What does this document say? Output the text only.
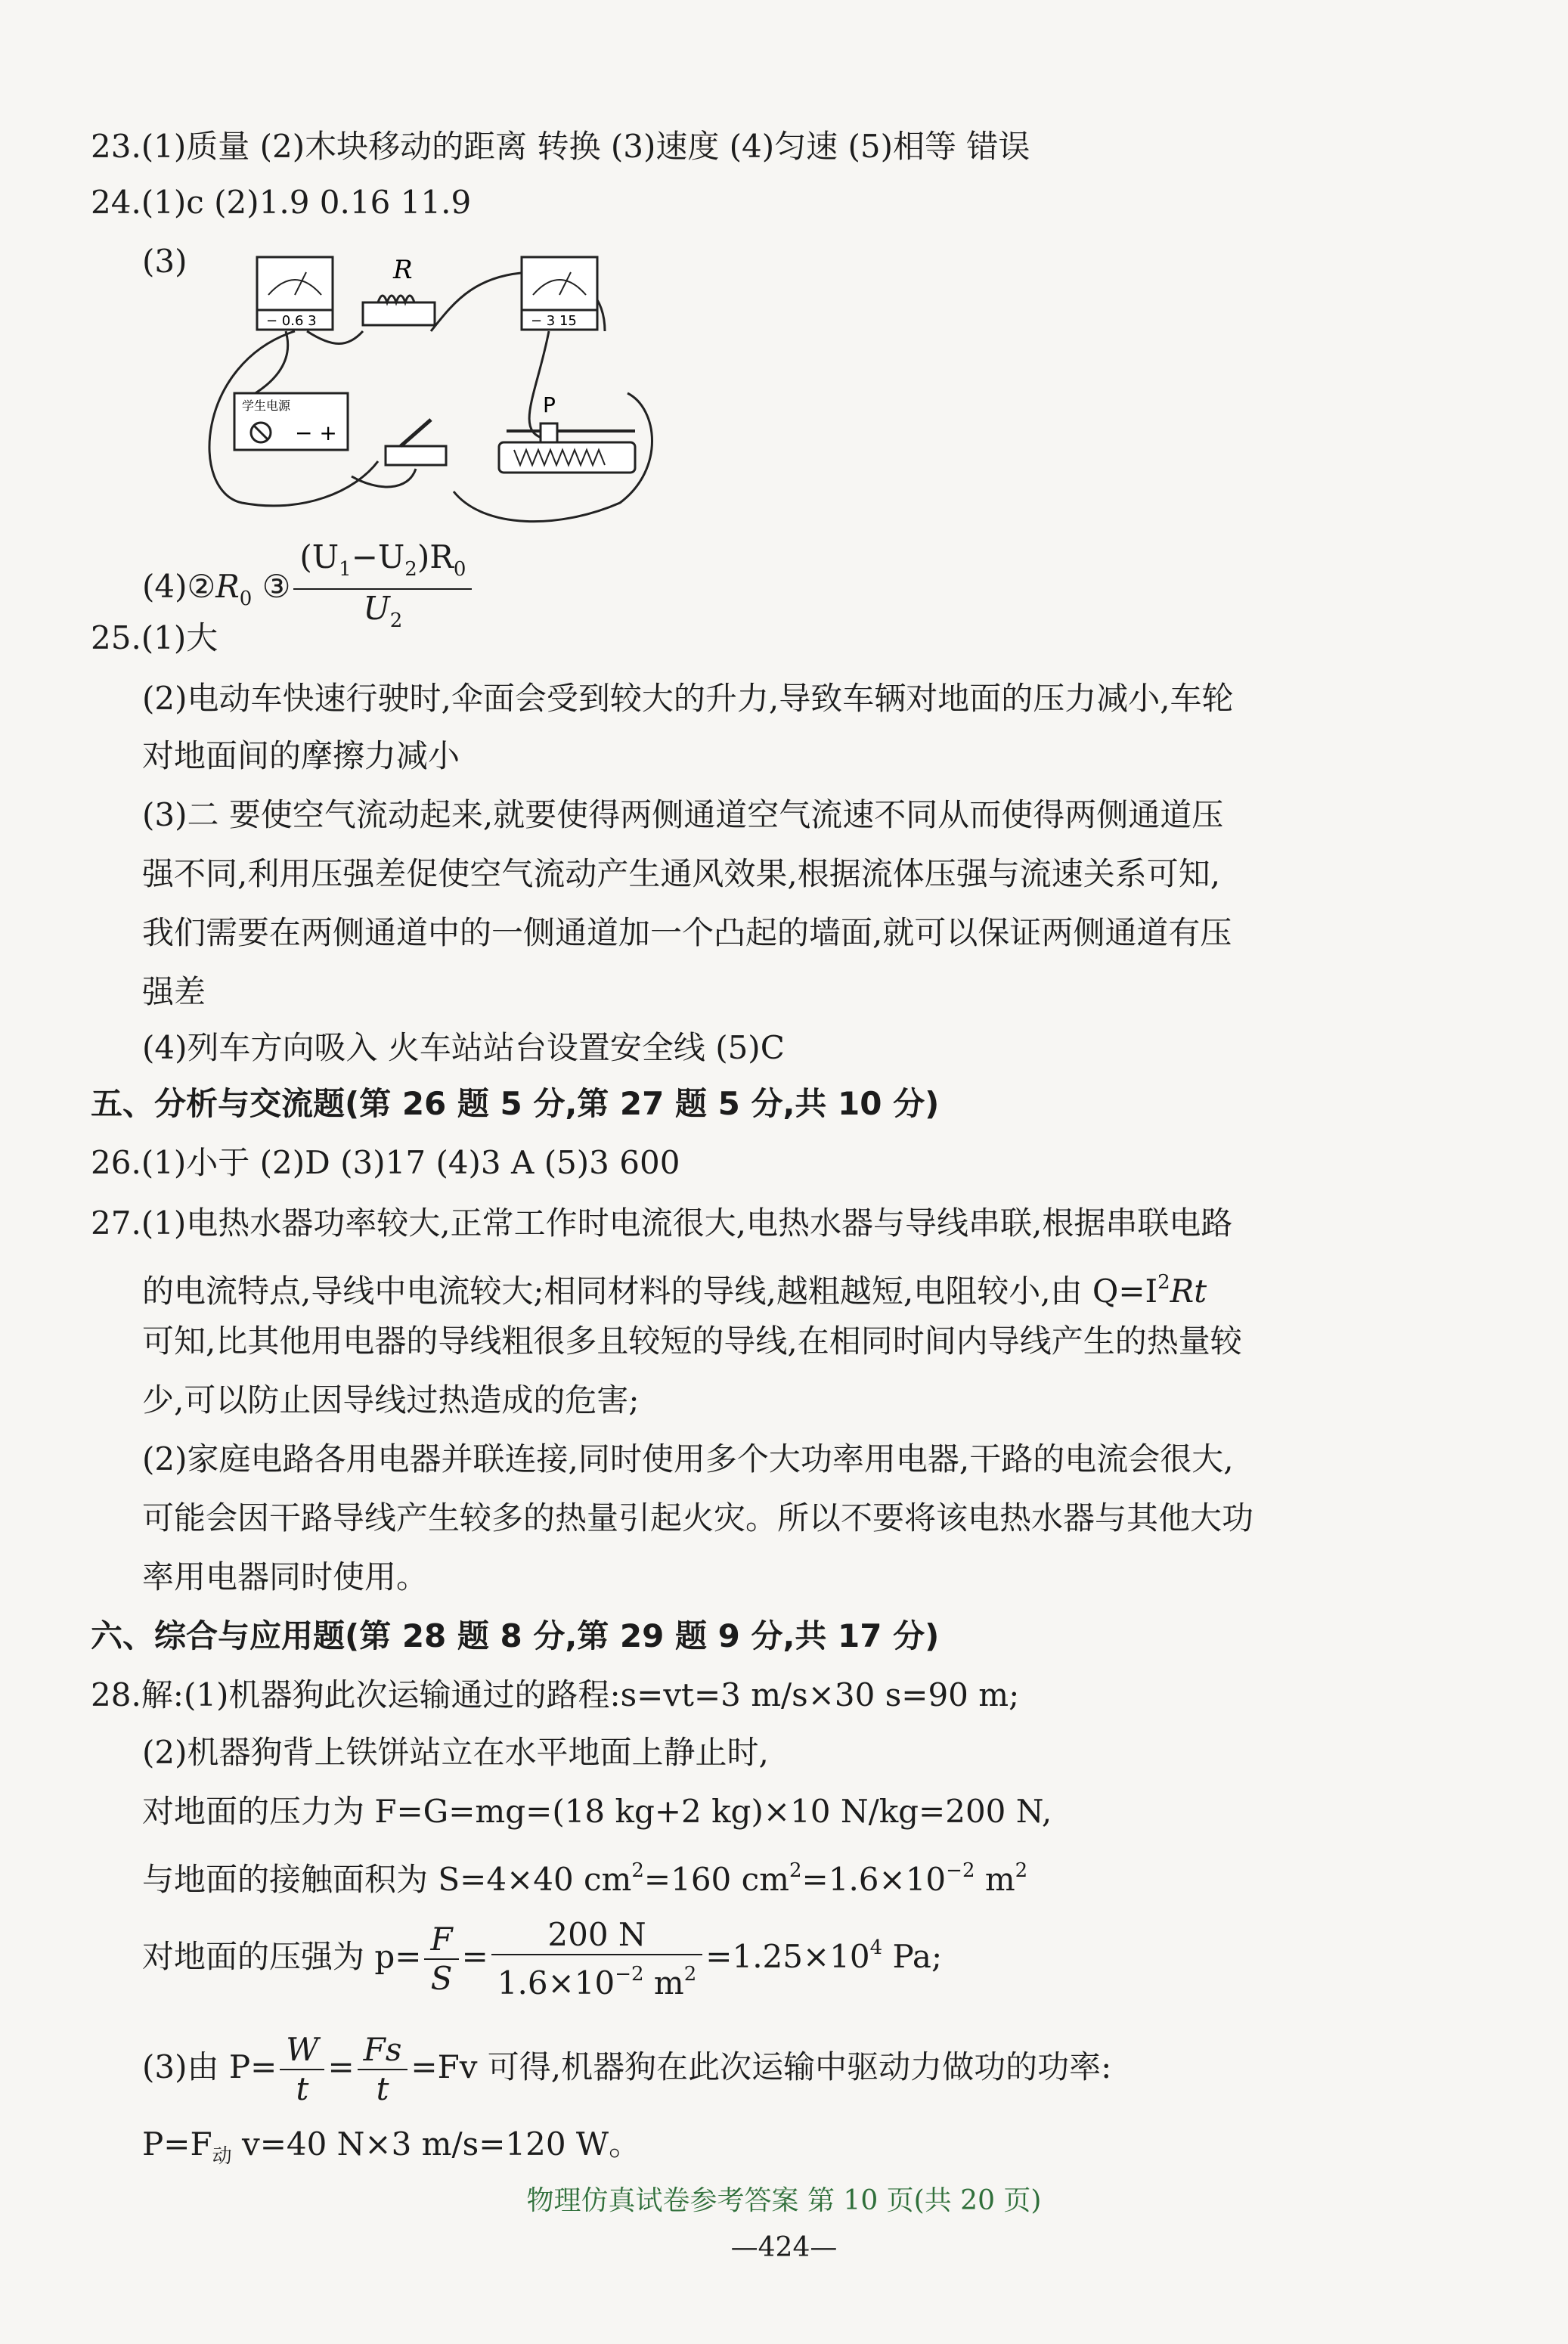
23.(1)质量 (2)木块移动的距离 转换 (3)速度 (4)匀速 (5)相等 错误
24.(1)c (2)1.9 0.16 11.9
(3)
− 0.6 3
R
− 3 15
学生电源
− +
P
$(4)②R_0$ ③ $\frac{(U_1-U_2)R_0}{U_2}$
25.(1)大
(2)电动车快速行驶时,伞面会受到较大的升力,导致车辆对地面的压力减小,车轮
对地面间的摩擦力减小
(3)二 要使空气流动起来,就要使得两侧通道空气流速不同从而使得两侧通道压
强不同,利用压强差促使空气流动产生通风效果,根据流体压强与流速关系可知,
我们需要在两侧通道中的一侧通道加一个凸起的墙面,就可以保证两侧通道有压
强差
(4)列车方向吸入 火车站站台设置安全线 (5)C
五、分析与交流题(第 26 题 5 分,第 27 题 5 分,共 10 分)
26.(1)小于 (2)D (3)17 (4)3 A (5)3 600
27.(1)电热水器功率较大,正常工作时电流很大,电热水器与导线串联,根据串联电路
的电流特点,导线中电流较大;相同材料的导线,越粗越短,电阻较小,由 $Q=I^2Rt$
可知,比其他用电器的导线粗很多且较短的导线,在相同时间内导线产生的热量较
少,可以防止因导线过热造成的危害;
(2)家庭电路各用电器并联连接,同时使用多个大功率用电器,干路的电流会很大,
可能会因干路导线产生较多的热量引起火灾。所以不要将该电热水器与其他大功
率用电器同时使用。
六、综合与应用题(第 28 题 8 分,第 29 题 9 分,共 17 分)
28.解:(1)机器狗此次运输通过的路程:s=vt=3 m/s×30 s=90 m;
(2)机器狗背上铁饼站立在水平地面上静止时,
对地面的压力为 F=G=mg=(18 kg+2 kg)×10 N/kg=200 N,
与地面的接触面积为 S=4×40 $cm^2=160$ $cm^2=1.6\times 10^{-2}$ $m^2$
对地面的压强为 $p= \frac{F}{S} = \frac{200 N}{1.6\times 10^{-2} m^2} =1.25\times 10^4$ Pa;
(3)由 $P= \frac{W}{t} = \frac{Fs}{t} =Fv$ 可得,机器狗在此次运输中驱动力做功的功率:
$P=F_动$ v=40 N×3 m/s=120 W。
物理仿真试卷参考答案 第 10 页(共 20 页)
—424—
